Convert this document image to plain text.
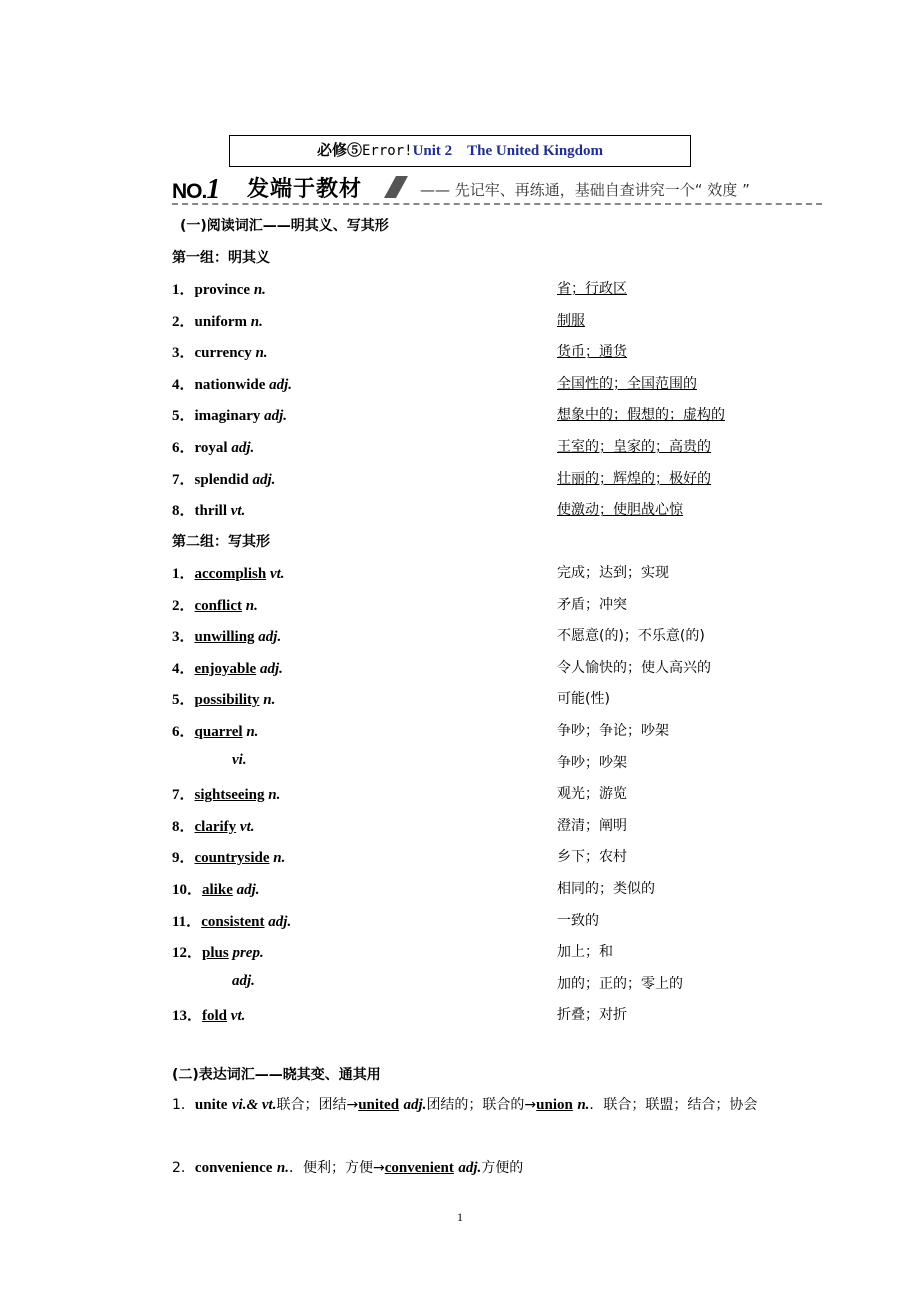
必修⑤Error!Unit 2　The United Kingdom
NO.1 发端于教材	—— 先记牢、再练通，基础自查讲究一个“ 效度 ”
(一)阅读词汇——明其义、写其形
第一组：明其义
1．province n.	省；行政区
2．uniform n.	制服
3．currency n.	货币；通货
4．nationwide adj.	全国性的；全国范围的
5．imaginary adj.	想象中的；假想的；虚构的
6．royal adj.	王室的；皇家的；高贵的
7．splendid adj.	壮丽的；辉煌的；极好的
8．thrill vt.	使激动；使胆战心惊
第二组：写其形
1．accomplish vt.	完成；达到；实现
2．conflict n.	矛盾；冲突
3．unwilling adj.	不愿意(的)；不乐意(的)
4．enjoyable adj.	令人愉快的；使人高兴的
5．possibility n.	可能(性)
6．quarrel n.	争吵；争论；吵架
vi.	争吵；吵架
7．sightseeing n.	观光；游览
8．clarify vt.	澄清；阐明
9．countryside n.	乡下；农村
10．alike adj.	相同的；类似的
11．consistent adj.	一致的
12．plus prep.	加上；和
adj.	加的；正的；零上的
13．fold vt.	折叠；对折
(二)表达词汇——晓其变、通其用
1．unite vi.& vt.联合；团结→united adj.团结的；联合的→union n.．联合；联盟；结合；协会
2．convenience n.．便利；方便→convenient adj.方便的
1
